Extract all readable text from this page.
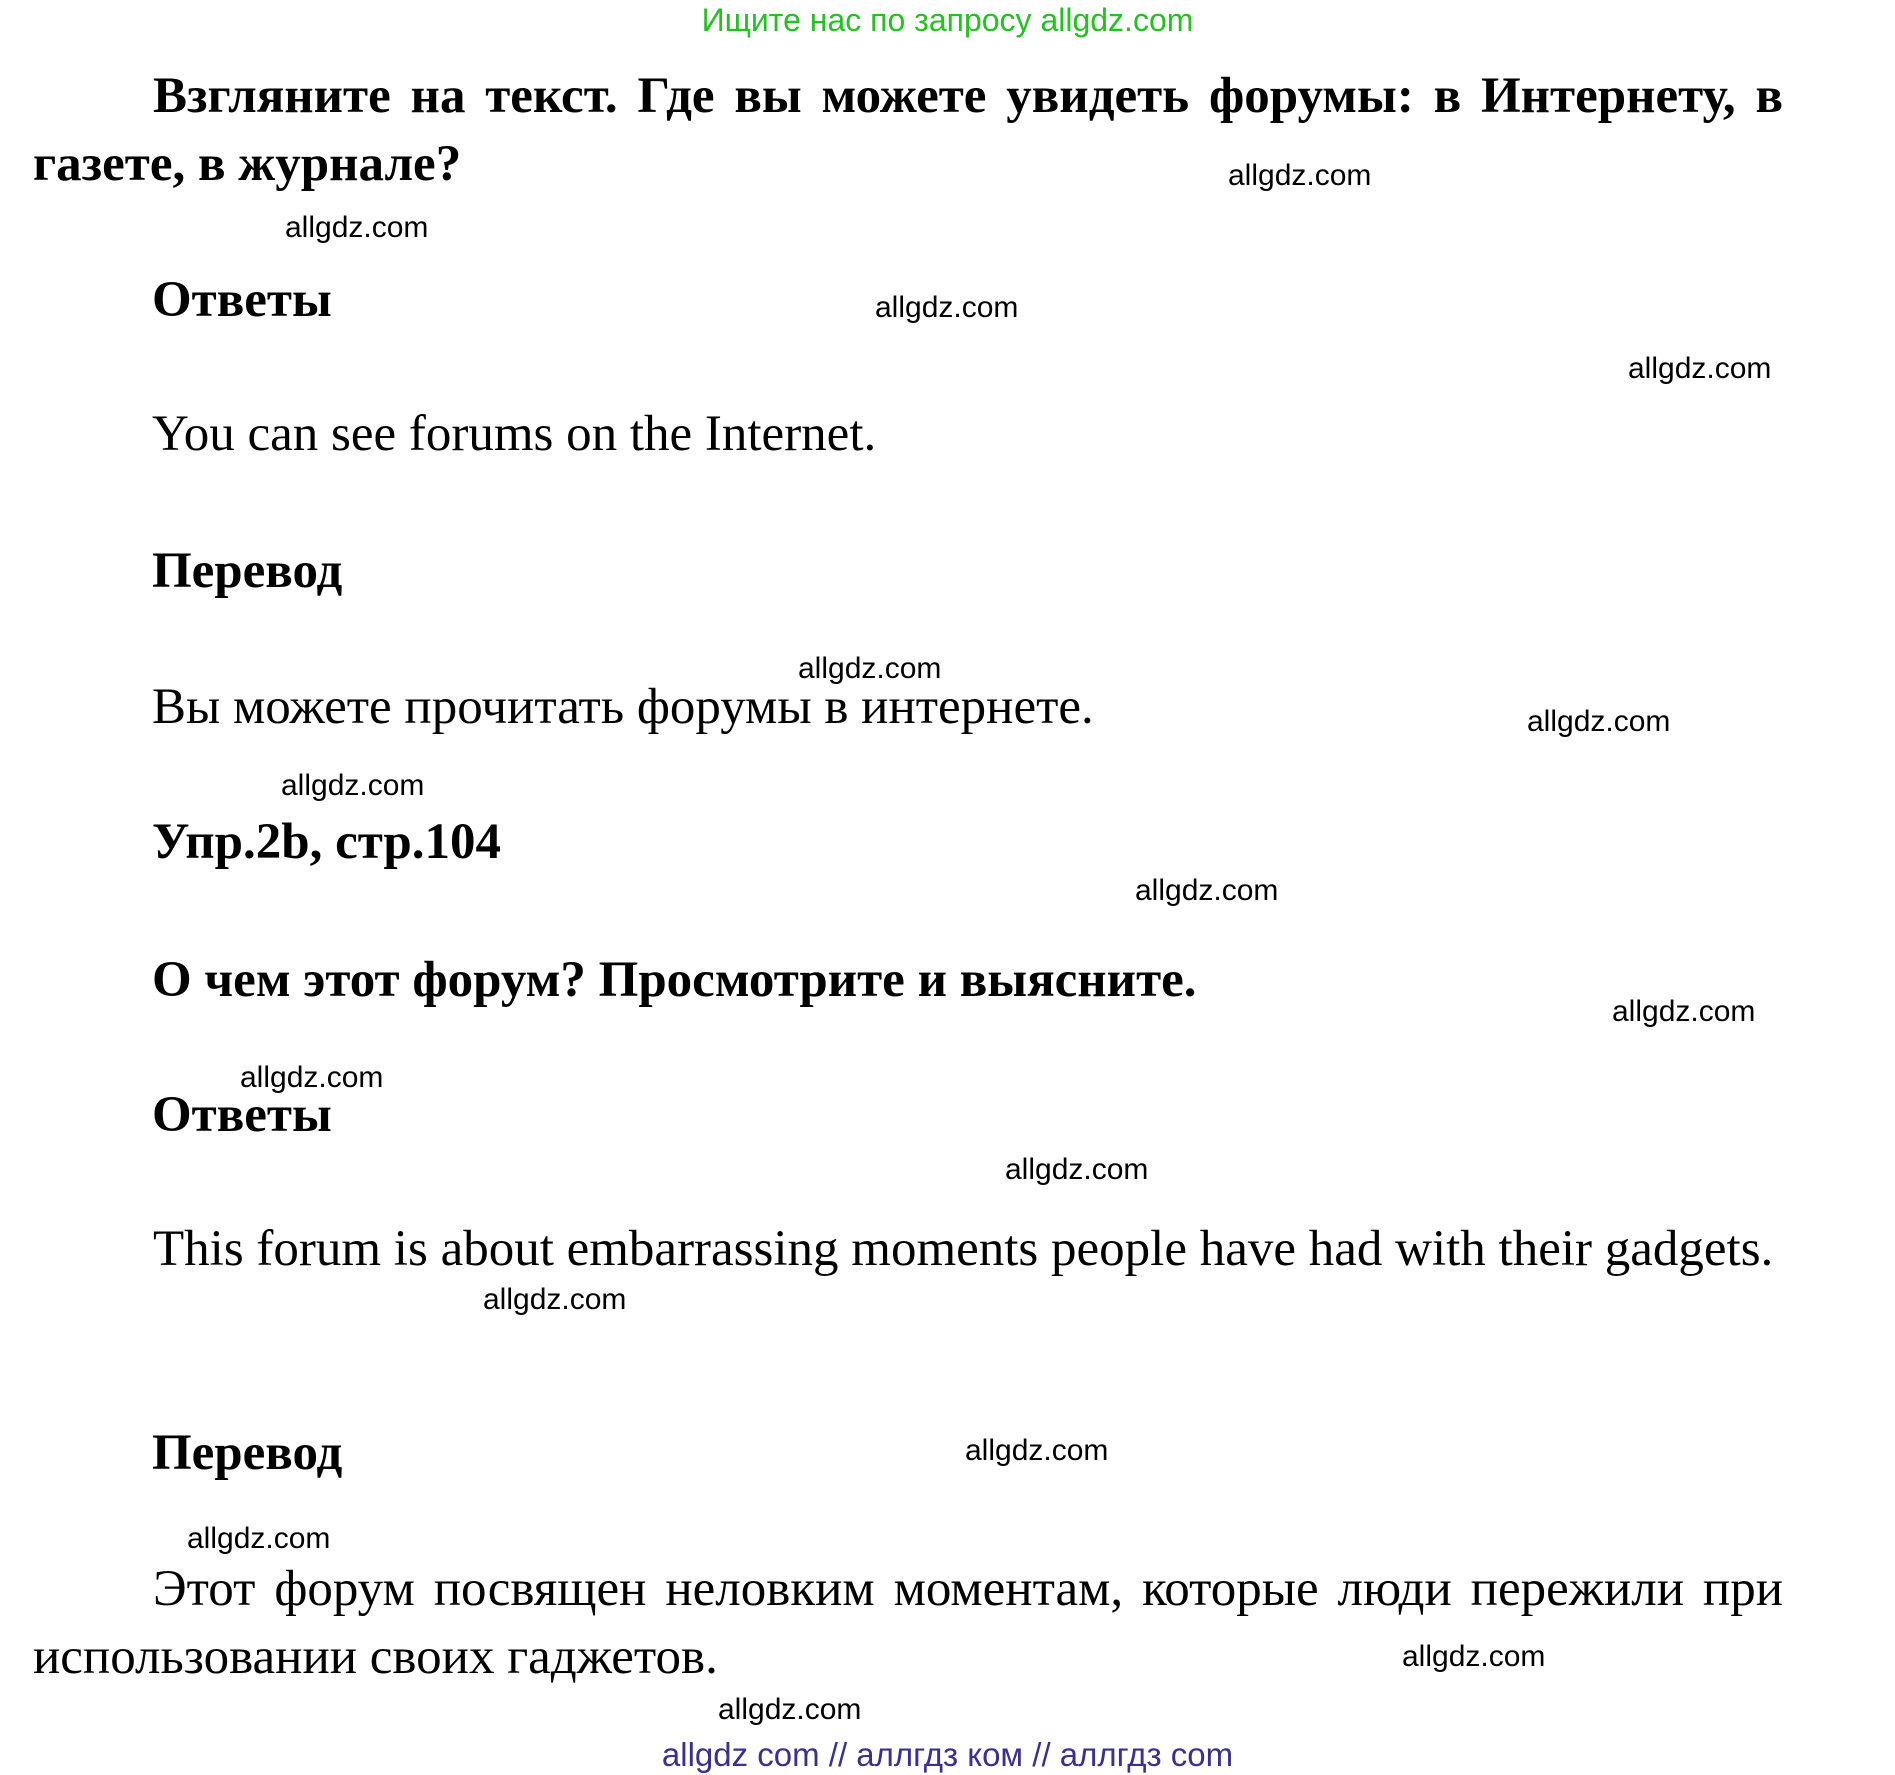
Ищите нас по запросу allgdz.com

Взгляните на текст. Где вы можете увидеть форумы: в Интернету, в газете, в журнале?

Ответы

You can see forums on the Internet.

Перевод

Вы можете прочитать форумы в интернете.

Упр.2b, стр.104

О чем этот форум? Просмотрите и выясните.

Ответы

This forum is about embarrassing moments people have had with their gadgets.

Перевод

Этот форум посвящен неловким моментам, которые люди пережили при использовании своих гаджетов.

allgdz.com
allgdz.com
allgdz.com
allgdz.com
allgdz.com
allgdz.com
allgdz.com
allgdz.com
allgdz.com
allgdz.com
allgdz.com
allgdz.com
allgdz.com
allgdz.com
allgdz.com
allgdz.com
allgdz com // аллгдз ком // аллгдз com
